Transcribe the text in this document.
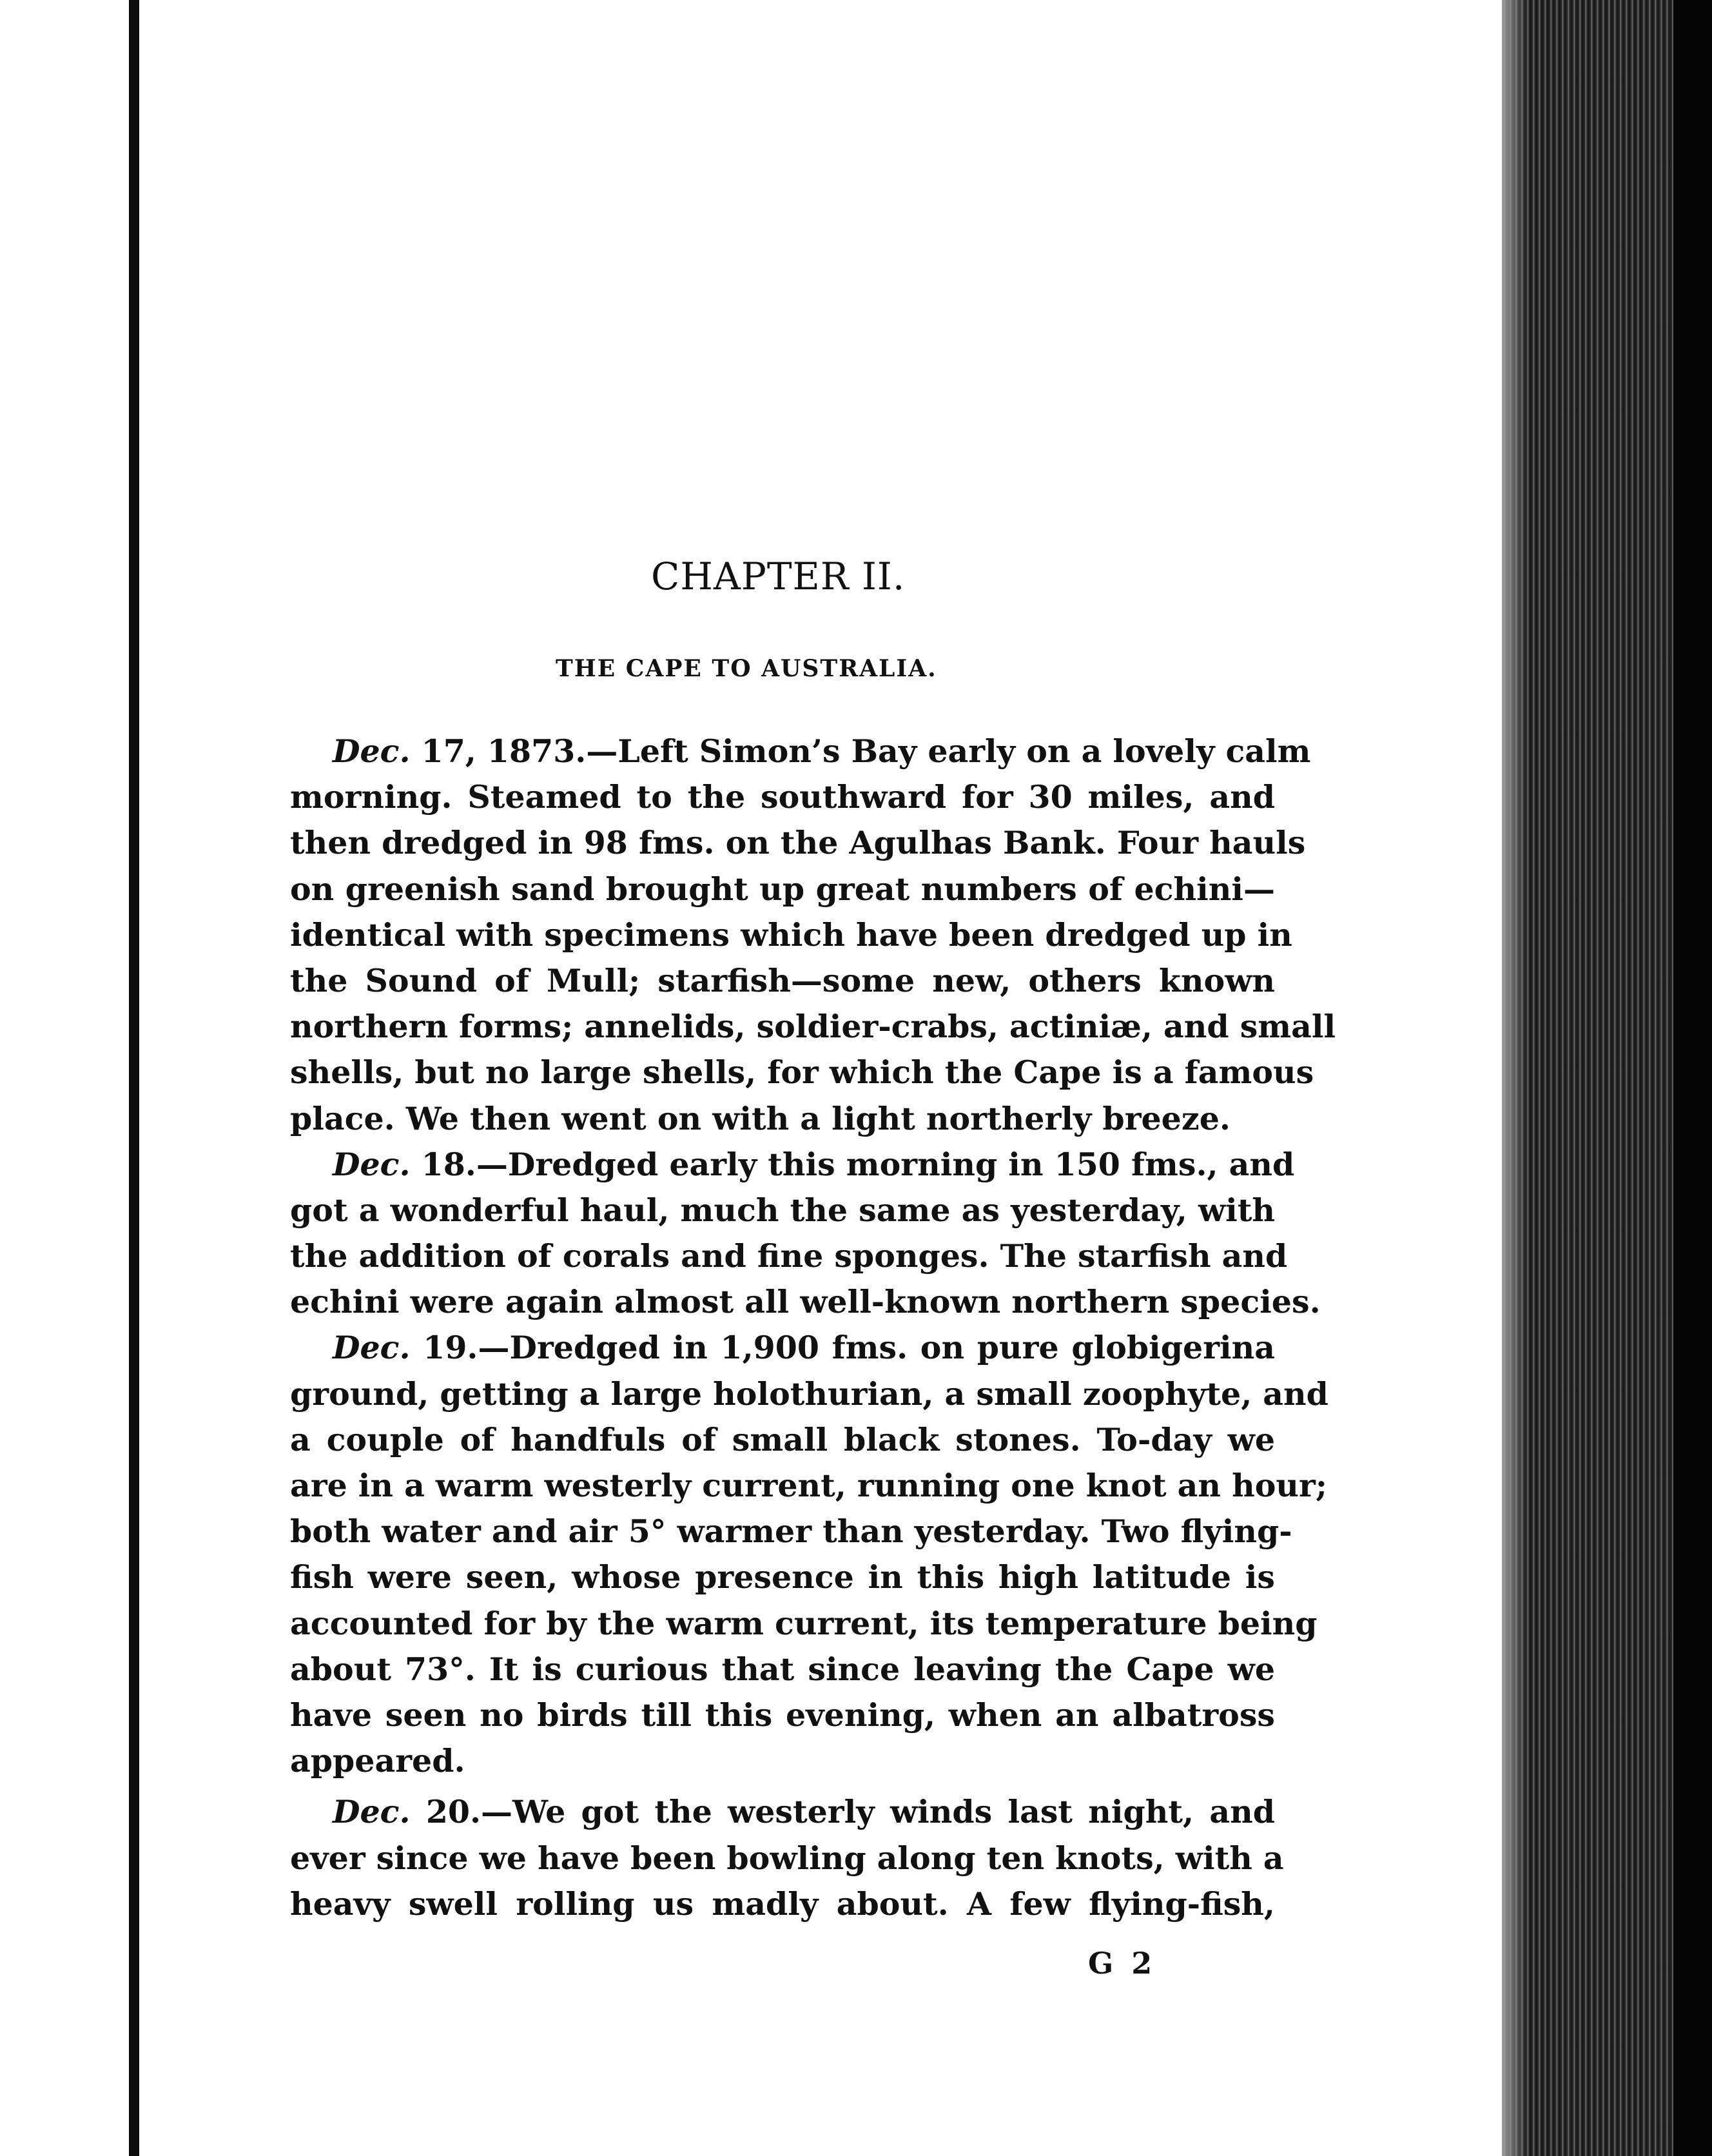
CHAPTER II.
THE CAPE TO AUSTRALIA.
Dec. 17, 1873.—Left Simon’s Bay early on a lovely calm
morning. Steamed to the southward for 30 miles, and
then dredged in 98 fms. on the Agulhas Bank. Four hauls
on greenish sand brought up great numbers of echini—
identical with specimens which have been dredged up in
the Sound of Mull; starfish—some new, others known
northern forms; annelids, soldier-crabs, actiniæ, and small
shells, but no large shells, for which the Cape is a famous
place. We then went on with a light northerly breeze.
Dec. 18.—Dredged early this morning in 150 fms., and
got a wonderful haul, much the same as yesterday, with
the addition of corals and fine sponges. The starfish and
echini were again almost all well-known northern species.
Dec. 19.—Dredged in 1,900 fms. on pure globigerina
ground, getting a large holothurian, a small zoophyte, and
a couple of handfuls of small black stones. To-day we
are in a warm westerly current, running one knot an hour;
both water and air 5° warmer than yesterday. Two flying-
fish were seen, whose presence in this high latitude is
accounted for by the warm current, its temperature being
about 73°. It is curious that since leaving the Cape we
have seen no birds till this evening, when an albatross
appeared.
Dec. 20.—We got the westerly winds last night, and
ever since we have been bowling along ten knots, with a
heavy swell rolling us madly about. A few flying-fish,

G 2
